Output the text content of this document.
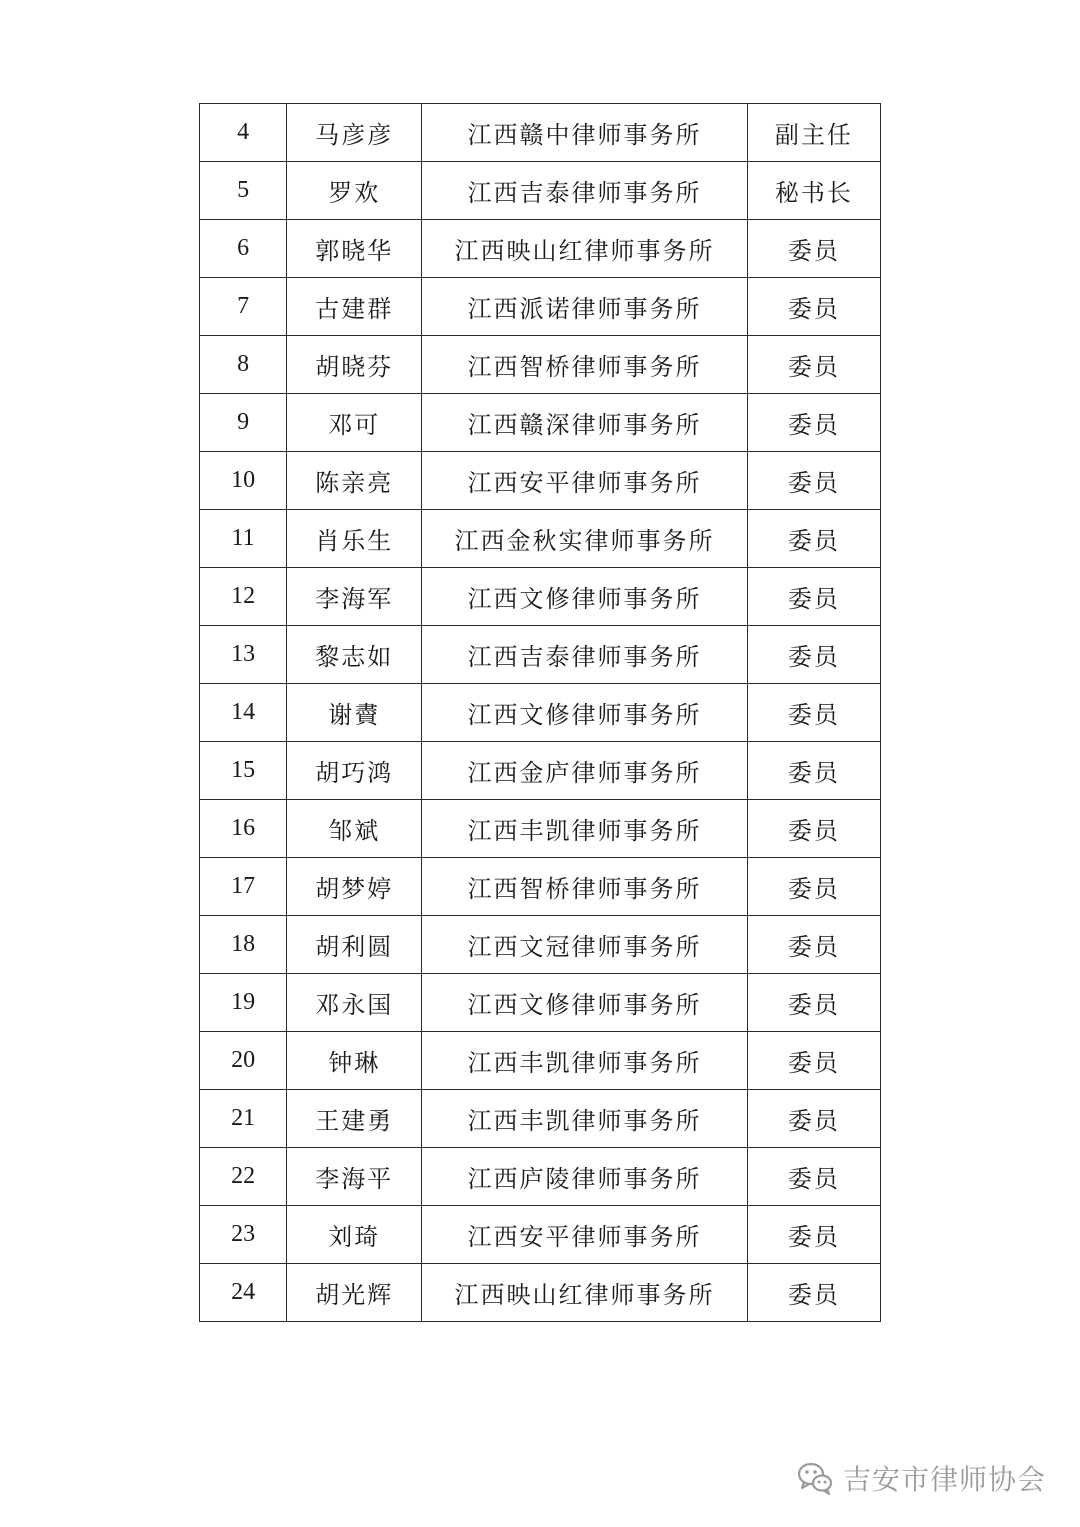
4	马彦彦	江西赣中律师事务所	副主任
5	罗欢	江西吉泰律师事务所	秘书长
6	郭晓华	江西映山红律师事务所	委员
7	古建群	江西派诺律师事务所	委员
8	胡晓芬	江西智桥律师事务所	委员
9	邓可	江西赣深律师事务所	委员
10	陈亲亮	江西安平律师事务所	委员
11	肖乐生	江西金秋实律师事务所	委员
12	李海军	江西文修律师事务所	委员
13	黎志如	江西吉泰律师事务所	委员
14	谢賮	江西文修律师事务所	委员
15	胡巧鸿	江西金庐律师事务所	委员
16	邹斌	江西丰凯律师事务所	委员
17	胡梦婷	江西智桥律师事务所	委员
18	胡利圆	江西文冠律师事务所	委员
19	邓永国	江西文修律师事务所	委员
20	钟琳	江西丰凯律师事务所	委员
21	王建勇	江西丰凯律师事务所	委员
22	李海平	江西庐陵律师事务所	委员
23	刘琦	江西安平律师事务所	委员
24	胡光辉	江西映山红律师事务所	委员
吉安市律师协会
